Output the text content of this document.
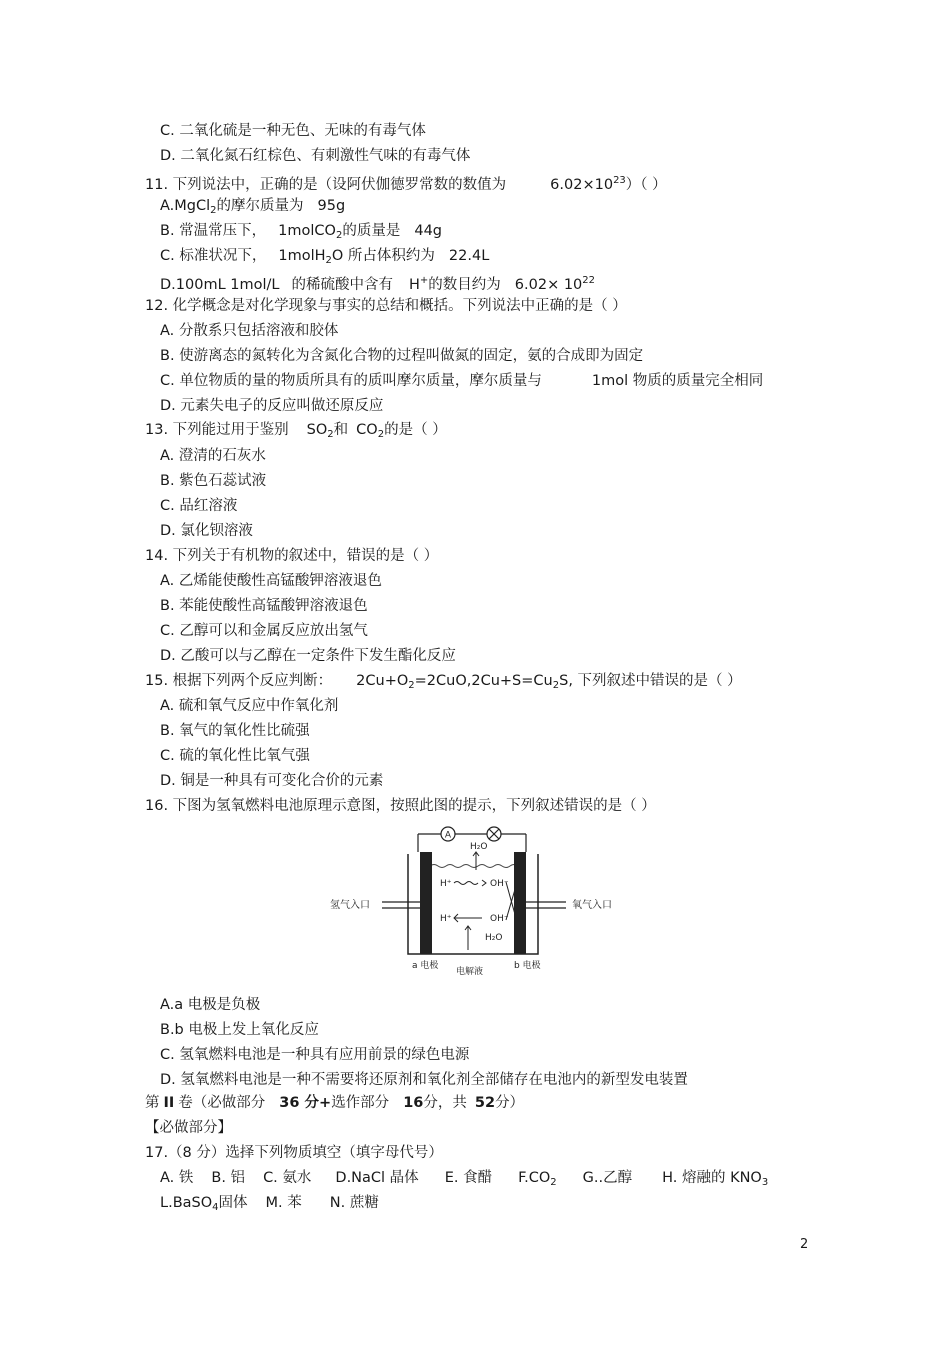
C. 二氧化硫是一种无色、无味的有毒气体
D. 二氧化氮石红棕色、有刺激性气味的有毒气体
11. 下列说法中，正确的是（设阿伏伽德罗常数的数值为	$6.02\times 10^{23}$）（ ）
A.MgCl$_2$的摩尔质量为 95g
B. 常温常压下， 1molCO$_2$的质量是 44g
C. 标准状况下， 1molH$_2$O 所占体积约为 22.4L
D.100mL 1mol/L 的稀硫酸中含有 H+的数目约为 $6.02\times 10^{22}$
12. 化学概念是对化学现象与事实的总结和概括。下列说法中正确的是（ ）
A. 分散系只包括溶液和胶体
B. 使游离态的氮转化为含氮化合物的过程叫做氮的固定，氨的合成即为固定
C. 单位物质的量的物质所具有的质叫摩尔质量，摩尔质量与	1mol 物质的质量完全相同
D. 元素失电子的反应叫做还原反应
13. 下列能过用于鉴别 $SO_2$和 $CO_2$的是（ ）
A. 澄清的石灰水
B. 紫色石蕊试液
C. 品红溶液
D. 氯化钡溶液
14. 下列关于有机物的叙述中，错误的是（ ）
A. 乙烯能使酸性高锰酸钾溶液退色
B. 苯能使酸性高锰酸钾溶液退色
C. 乙醇可以和金属反应放出氢气
D. 乙酸可以与乙醇在一定条件下发生酯化反应
15. 根据下列两个反应判断： $2Cu+O_2=2CuO,2Cu+S=Cu_2S$, 下列叙述中错误的是（ ）
A. 硫和氧气反应中作氧化剂
B. 氧气的氧化性比硫强
C. 硫的氧化性比氧气强
D. 铜是一种具有可变化合价的元素
16. 下图为氢氧燃料电池原理示意图，按照此图的提示，下列叙述错误的是（ ）
A
氢气入口	氧气入口
H₂O
H⁺
H⁺
OH⁻
OH⁻
H₂O
a 电极	b 电极
电解液
A.a 电极是负极
B.b 电极上发上氧化反应
C. 氢氧燃料电池是一种具有应用前景的绿色电源
D. 氢氧燃料电池是一种不需要将还原剂和氧化剂全部储存在电池内的新型发电装置
第 II 卷（必做部分 36 分+选作部分 16分，共 52分）
【必做部分】
17.（8 分）选择下列物质填空（填字母代号）
A. 铁 B. 铝 C. 氨水 D.NaCl 晶体 E. 食醋 $F.CO_2$ G..乙醇 H. 熔融的 $KNO_3$
L.BaSO$_4$固体 M. 苯 N. 蔗糖
2
